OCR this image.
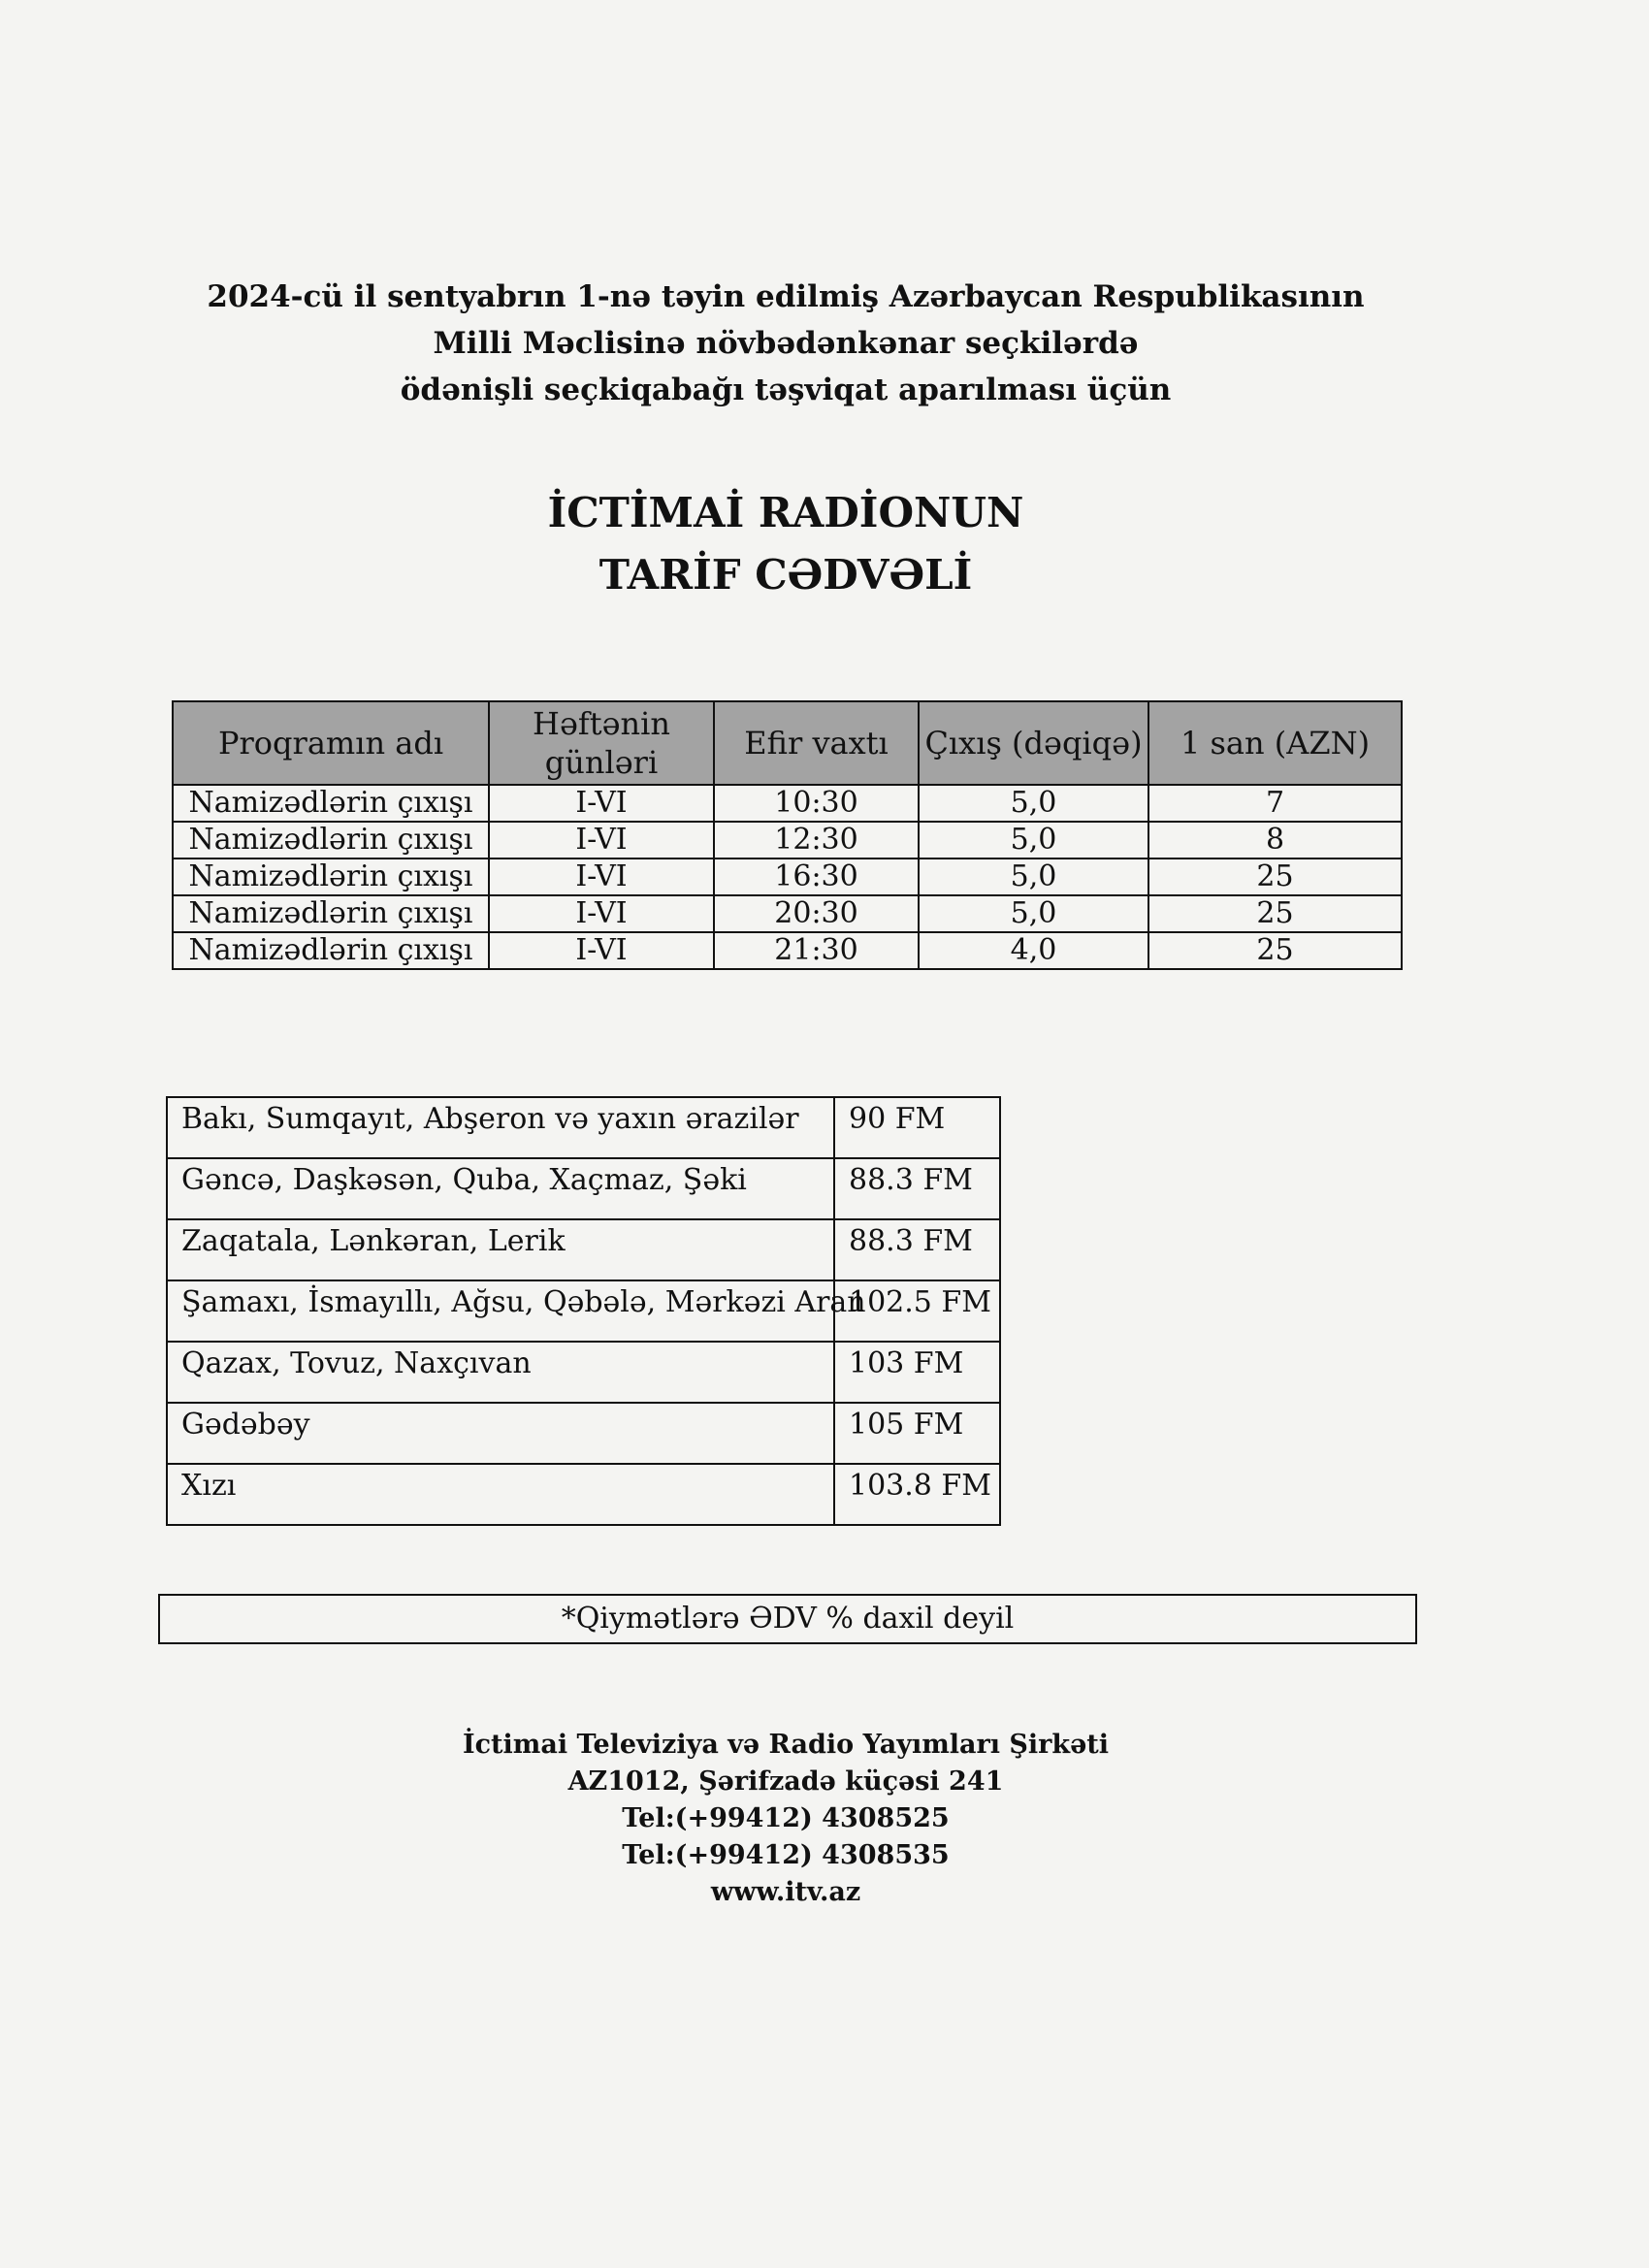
2024-cü il sentyabrın 1-nə təyin edilmiş Azərbaycan Respublikasının
Milli Məclisinə növbədənkənar seçkilərdə
ödənişli seçkiqabağı təşviqat aparılması üçün
İCTİMAİ RADİONUN
TARİF CƏDVƏLİ
Proqramın adı	Həftənin günləri	Efir vaxtı	Çıxış (dəqiqə)	1 san (AZN)
Namizədlərin çıxışı	I-VI	10:30	5,0	7
Namizədlərin çıxışı	I-VI	12:30	5,0	8
Namizədlərin çıxışı	I-VI	16:30	5,0	25
Namizədlərin çıxışı	I-VI	20:30	5,0	25
Namizədlərin çıxışı	I-VI	21:30	4,0	25
Bakı, Sumqayıt, Abşeron və yaxın ərazilər	90 FM
Gəncə, Daşkəsən, Quba, Xaçmaz, Şəki	88.3 FM
Zaqatala, Lənkəran, Lerik	88.3 FM
Şamaxı, İsmayıllı, Ağsu, Qəbələ, Mərkəzi Aran	102.5 FM
Qazax, Tovuz, Naxçıvan	103 FM
Gədəbəy	105 FM
Xızı	103.8 FM
*Qiymətlərə ƏDV % daxil deyil
İctimai Televiziya və Radio Yayımları Şirkəti
AZ1012, Şərifzadə küçəsi 241
Tel:(+99412) 4308525
Tel:(+99412) 4308535
www.itv.az
